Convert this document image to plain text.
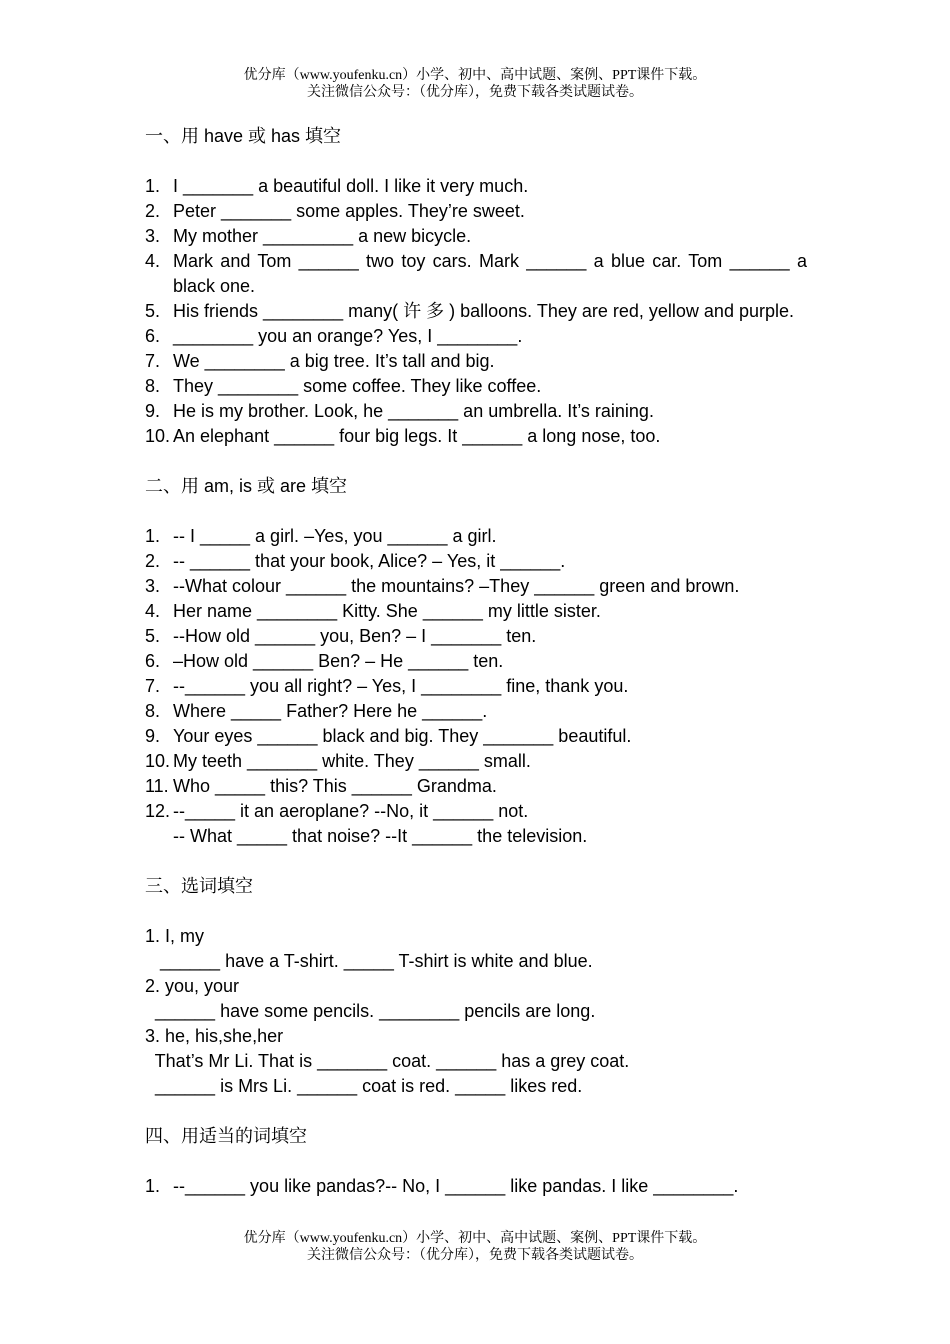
优分库（www.youfenku.cn）小学、初中、高中试题、案例、PPT课件下载。
关注微信公众号：（优分库），免费下载各类试题试卷。
一、用 have 或 has 填空
1. I _______ a beautiful doll. I like it very much.
2. Peter _______ some apples. They’re sweet.
3. My mother _________ a new bicycle.
4. Mark and Tom ______ two toy cars. Mark ______ a blue car. Tom ______ a black one.
5. His friends ________ many( 许 多 ) balloons. They are red, yellow and purple.
6. ________ you an orange? Yes, I ________.
7. We ________ a big tree. It’s tall and big.
8. They ________ some coffee. They like coffee.
9. He is my brother. Look, he _______ an umbrella. It’s raining.
10. An elephant ______ four big legs. It ______ a long nose, too.
二、用 am, is 或 are 填空
1. -- I _____ a girl. –Yes, you ______ a girl.
2. -- ______ that your book, Alice? – Yes, it ______.
3. --What colour ______ the mountains? –They ______ green and brown.
4. Her name ________ Kitty. She ______ my little sister.
5. --How old ______ you, Ben? – I _______ ten.
6. –How old ______ Ben? – He ______ ten.
7. --______ you all right? – Yes, I ________ fine, thank you.
8. Where _____ Father? Here he ______.
9. Your eyes ______ black and big. They _______ beautiful.
10. My teeth _______ white. They ______ small.
11. Who _____ this? This ______ Grandma.
12. --_____ it an aeroplane? --No, it ______ not.
-- What _____ that noise? --It ______ the television.
三、选词填空
1. I, my
______ have a T-shirt. _____ T-shirt is white and blue.
2. you, your
______ have some pencils. ________ pencils are long.
3. he, his,she,her
That’s Mr Li. That is _______ coat. ______ has a grey coat.
______ is Mrs Li. ______ coat is red. _____ likes red.
四、用适当的词填空
1. --______ you like pandas?-- No, I ______ like pandas. I like ________.
优分库（www.youfenku.cn）小学、初中、高中试题、案例、PPT课件下载。
关注微信公众号：（优分库），免费下载各类试题试卷。
